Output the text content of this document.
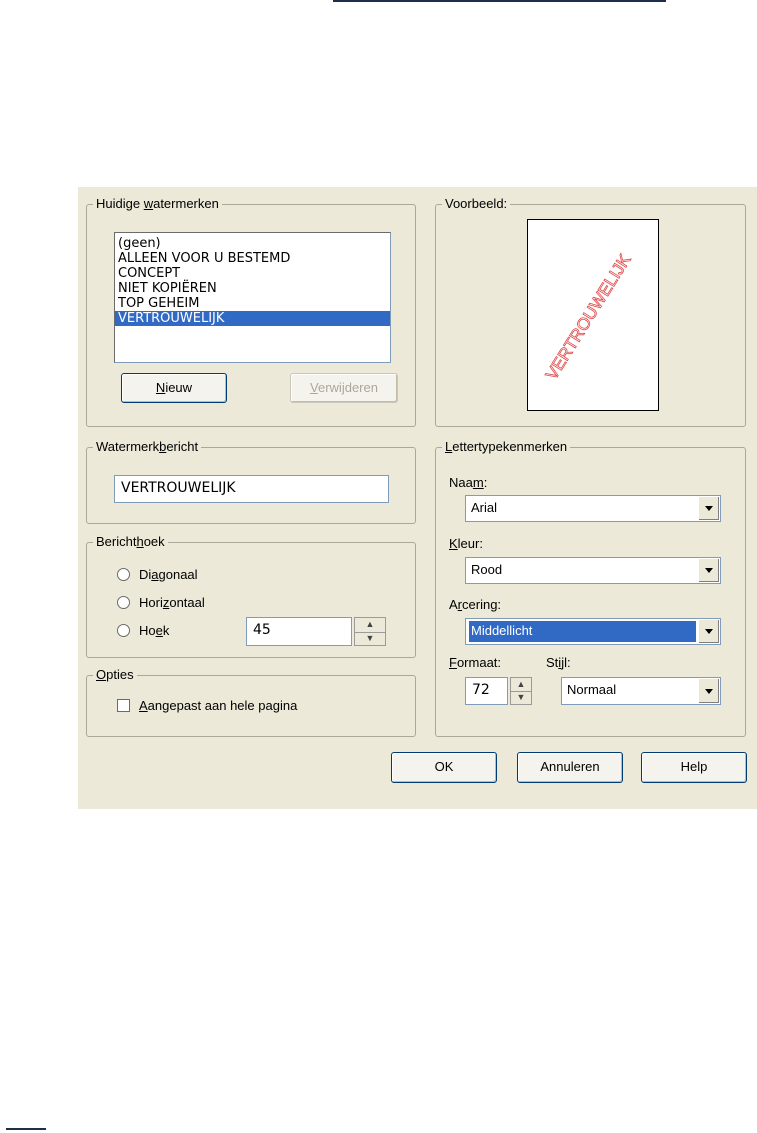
Huidige watermerken
(geen)
ALLEEN VOOR U BESTEMD
CONCEPT
NIET KOPIËREN
TOP GEHEIM
VERTROUWELIJK
Nieuw	Verwijderen
Voorbeeld:
VERTROUWELIJK
Watermerkbericht
VERTROUWELIJK
Berichthoek
Diagonaal
Horizontaal
Hoek	45	▲
▼
Opties
Aangepast aan hele pagina
Lettertypekenmerken
Naam:
Arial
Kleur:
Rood
Arcering:
Middellicht
Formaat:	Stijl:
72	▲
▼	Normaal
OK	Annuleren	Help
